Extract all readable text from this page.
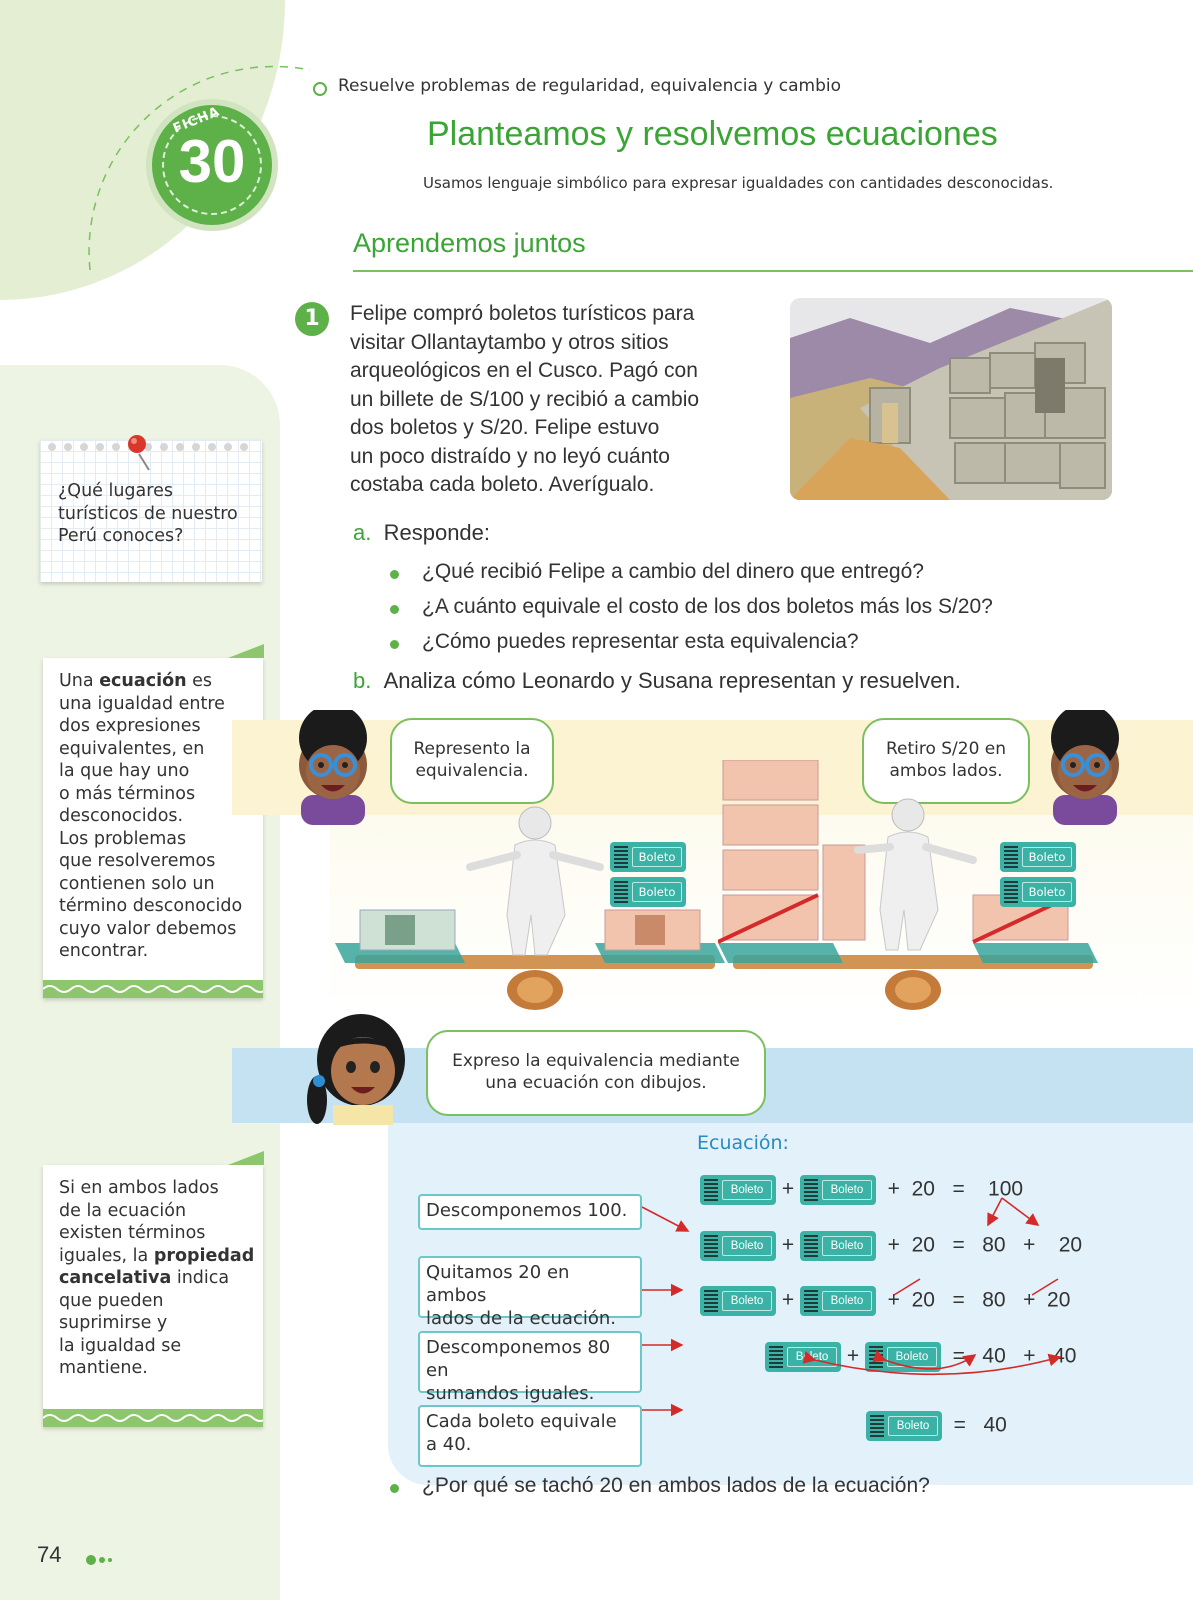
FICHA
30
Resuelve problemas de regularidad, equivalencia y cambio
Planteamos y resolvemos ecuaciones
Usamos lenguaje simbólico para expresar igualdades con cantidades desconocidas.
Aprendemos juntos
1	Felipe compró boletos turísticos para
visitar Ollantaytambo y otros sitios
arqueológicos en el Cusco. Pagó con
un billete de S/100 y recibió a cambio
dos boletos y S/20. Felipe estuvo
un poco distraído y no leyó cuánto
costaba cada boleto. Averígualo.
a. Responde:
¿Qué recibió Felipe a cambio del dinero que entregó?
¿A cuánto equivale el costo de los dos boletos más los S/20?
¿Cómo puedes representar esta equivalencia?
b. Analiza cómo Leonardo y Susana representan y resuelven.
¿Qué lugares
turísticos de nuestro
Perú conoces?
Una ecuación es
una igualdad entre
dos expresiones
equivalentes, en
la que hay uno
o más términos
desconocidos.
Los problemas
que resolveremos
contienen solo un
término desconocido
cuyo valor debemos
encontrar.
Si en ambos lados
de la ecuación
existen términos
iguales, la propiedad
cancelativa indica
que pueden
suprimirse y
la igualdad se
mantiene.
Represento la
equivalencia.
Retiro S/20 en
ambos lados.
Boleto
Boleto
Boleto
Boleto
Expreso la equivalencia mediante
una ecuación con dibujos.
Ecuación:
Boleto +	Boleto	+ 20 = 100
Boleto +	Boleto	+ 20 = 80 + 20
Boleto +	Boleto	+ 20 = 80 + 20
Boleto +	Boleto	= 40 + 40
Boleto	= 40
Descomponemos 100.
Quitamos 20 en ambos
lados de la ecuación.
Descomponemos 80 en
sumandos iguales.
Cada boleto equivale
a 40.
¿Por qué se tachó 20 en ambos lados de la ecuación?
74
